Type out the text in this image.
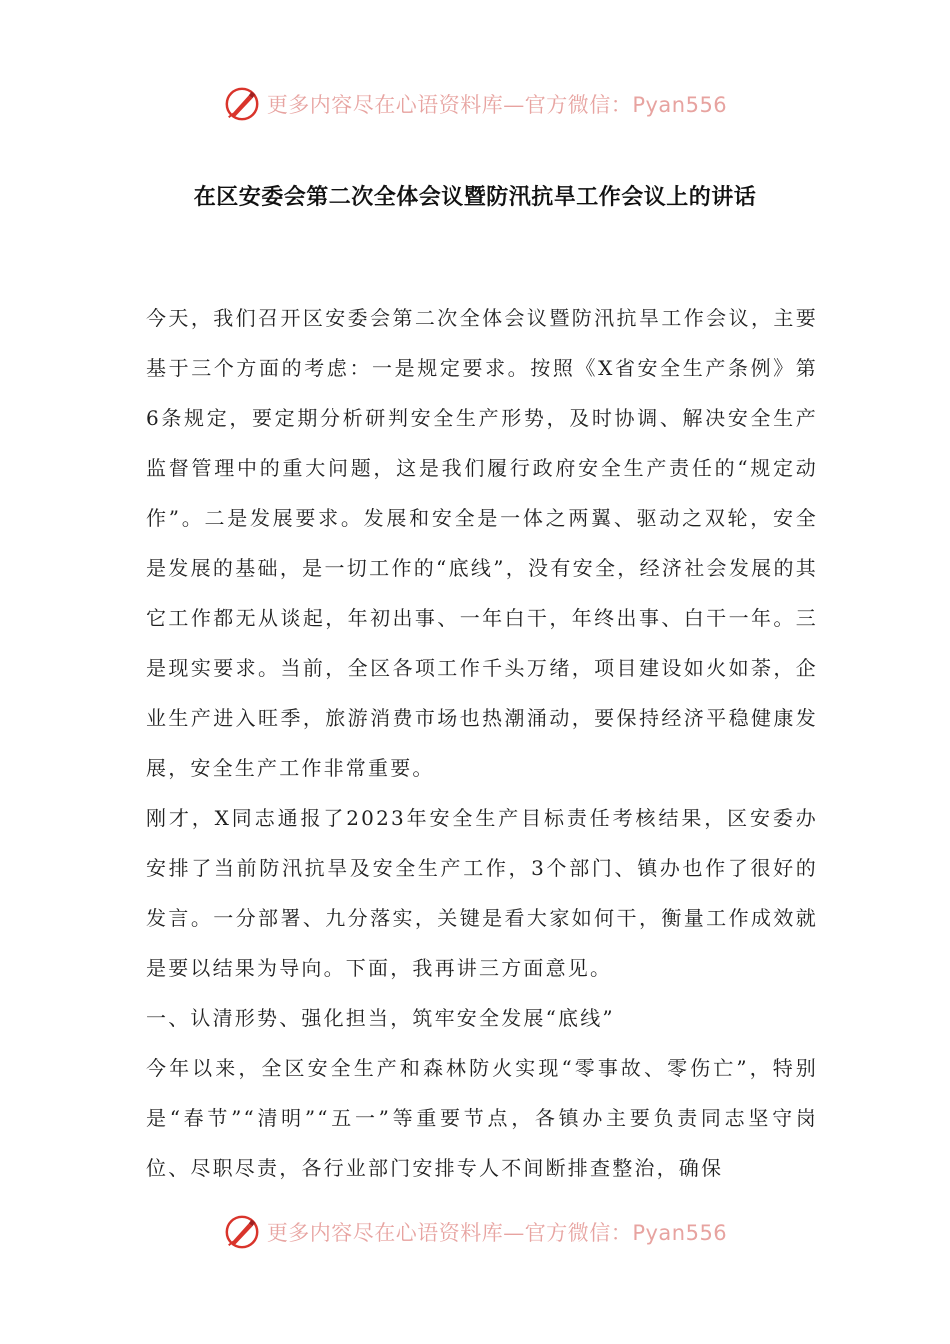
更多内容尽在心语资料库—官方微信：Pyan556
在区安委会第二次全体会议暨防汛抗旱工作会议上的讲话

今天，我们召开区安委会第二次全体会议暨防汛抗旱工作会议，主要基于三个方面的考虑：一是规定要求。按照《X省安全生产条例》第6条规定，要定期分析研判安全生产形势，及时协调、解决安全生产监督管理中的重大问题，这是我们履行政府安全生产责任的“规定动作”。二是发展要求。发展和安全是一体之两翼、驱动之双轮，安全是发展的基础，是一切工作的“底线”，没有安全，经济社会发展的其它工作都无从谈起，年初出事、一年白干，年终出事、白干一年。三是现实要求。当前，全区各项工作千头万绪，项目建设如火如荼，企业生产进入旺季，旅游消费市场也热潮涌动，要保持经济平稳健康发展，安全生产工作非常重要。

刚才，X同志通报了2023年安全生产目标责任考核结果，区安委办安排了当前防汛抗旱及安全生产工作，3个部门、镇办也作了很好的发言。一分部署、九分落实，关键是看大家如何干，衡量工作成效就是要以结果为导向。下面，我再讲三方面意见。

一、认清形势、强化担当，筑牢安全发展“底线”

今年以来，全区安全生产和森林防火实现“零事故、零伤亡”，特别是“春节”“清明”“五一”等重要节点，各镇办主要负责同志坚守岗位、尽职尽责，各行业部门安排专人不间断排查整治，确保

更多内容尽在心语资料库—官方微信：Pyan556
